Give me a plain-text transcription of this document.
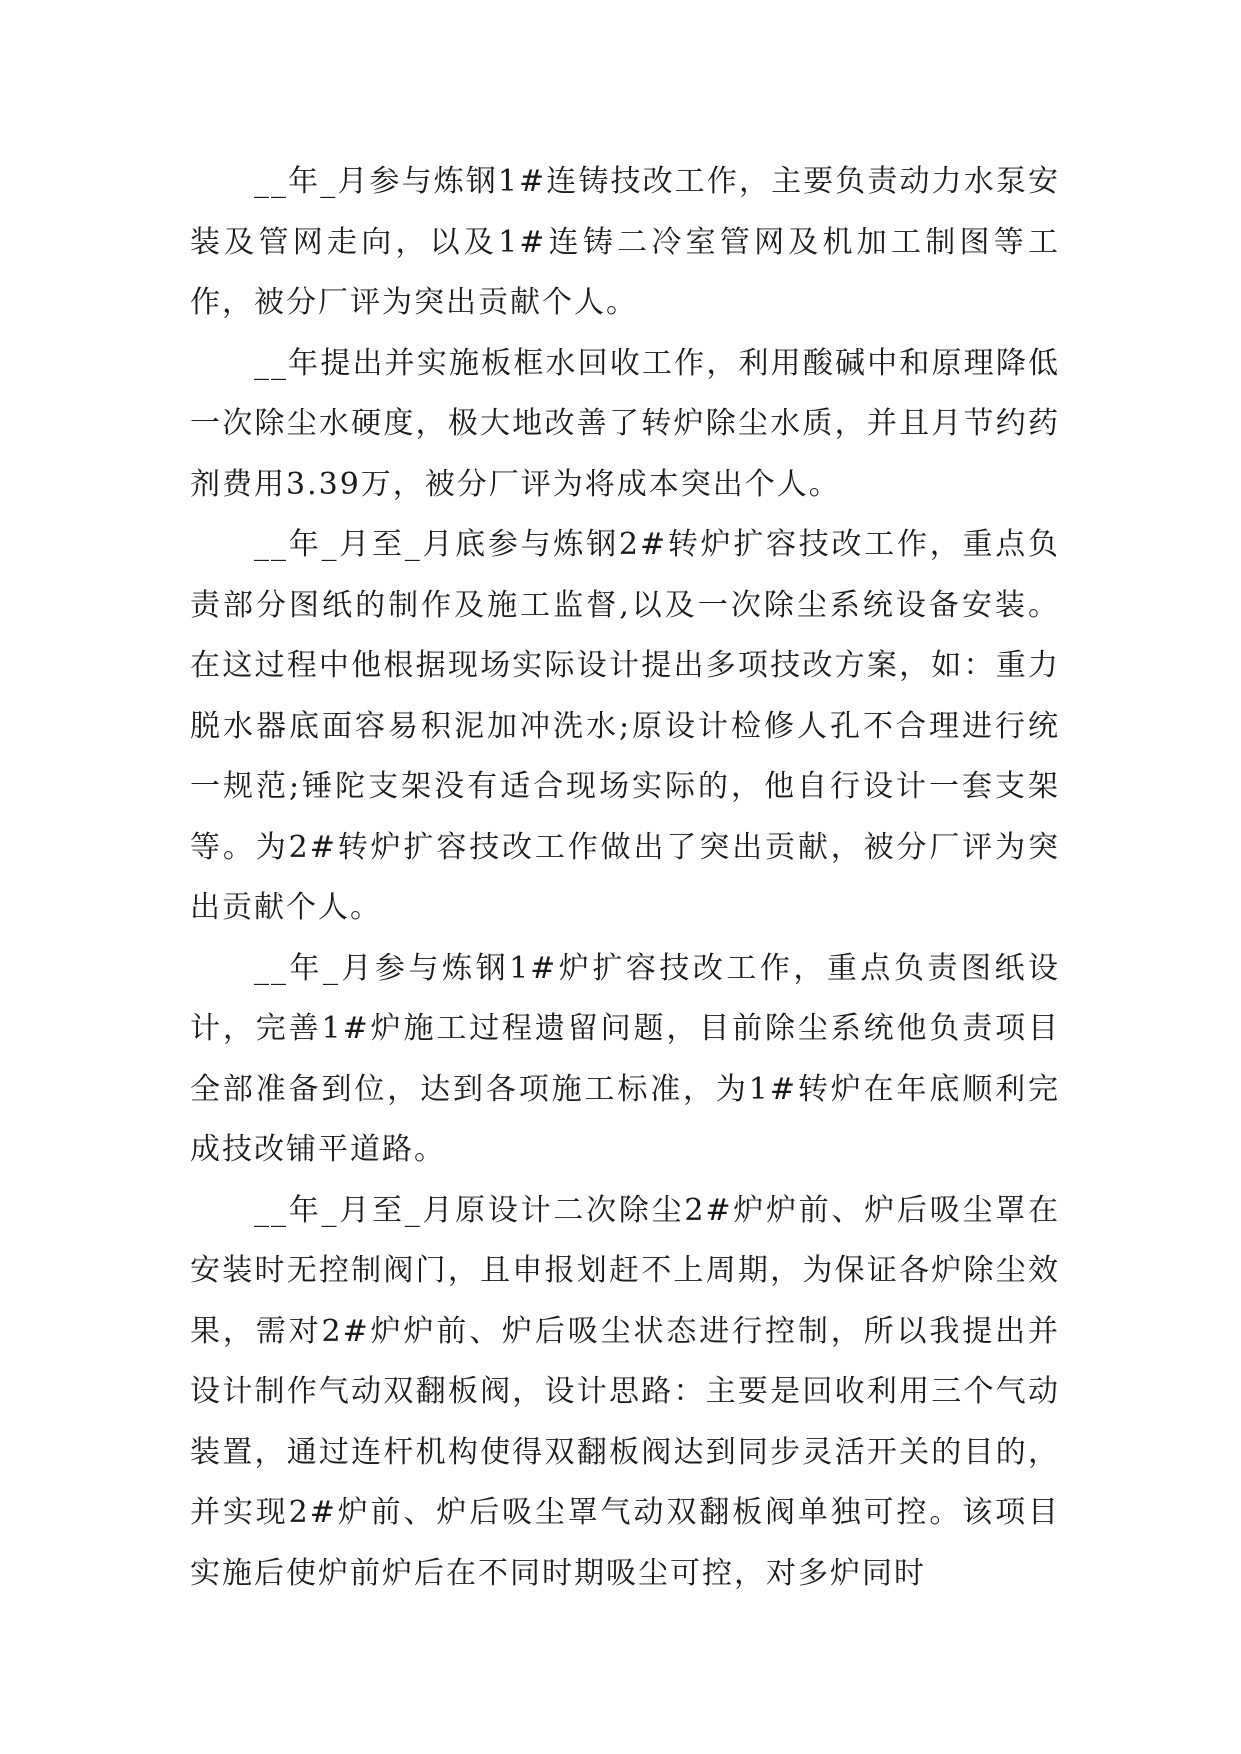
__年_月参与炼钢1#连铸技改工作，主要负责动力水泵安装及管网走向，以及1#连铸二冷室管网及机加工制图等工作，被分厂评为突出贡献个人。

__年提出并实施板框水回收工作，利用酸碱中和原理降低一次除尘水硬度，极大地改善了转炉除尘水质，并且月节约药剂费用3.39万，被分厂评为将成本突出个人。

__年_月至_月底参与炼钢2#转炉扩容技改工作，重点负责部分图纸的制作及施工监督,以及一次除尘系统设备安装。在这过程中他根据现场实际设计提出多项技改方案，如：重力脱水器底面容易积泥加冲洗水;原设计检修人孔不合理进行统一规范;锤陀支架没有适合现场实际的，他自行设计一套支架等。为2#转炉扩容技改工作做出了突出贡献，被分厂评为突出贡献个人。

__年_月参与炼钢1#炉扩容技改工作，重点负责图纸设计，完善1#炉施工过程遗留问题，目前除尘系统他负责项目全部准备到位，达到各项施工标准，为1#转炉在年底顺利完成技改铺平道路。

__年_月至_月原设计二次除尘2#炉炉前、炉后吸尘罩在安装时无控制阀门，且申报划赶不上周期，为保证各炉除尘效果，需对2#炉炉前、炉后吸尘状态进行控制，所以我提出并设计制作气动双翻板阀，设计思路：主要是回收利用三个气动装置，通过连杆机构使得双翻板阀达到同步灵活开关的目的，并实现2#炉前、炉后吸尘罩气动双翻板阀单独可控。该项目实施后使炉前炉后在不同时期吸尘可控，对多炉同时
